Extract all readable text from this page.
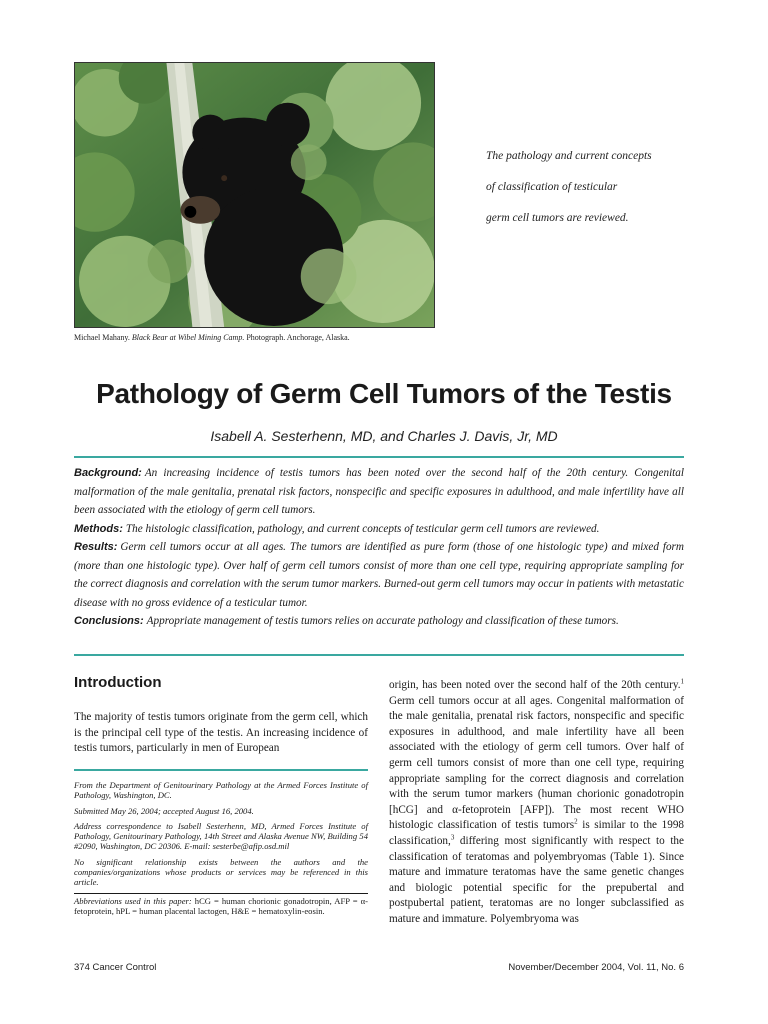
Michael Mahany. Black Bear at Wibel Mining Camp. Photograph. Anchorage, Alaska.
The pathology and current concepts
of classification of testicular
germ cell tumors are reviewed.
Pathology of Germ Cell Tumors of the Testis
Isabell A. Sesterhenn, MD, and Charles J. Davis, Jr, MD

Background: An increasing incidence of testis tumors has been noted over the second half of the 20th century. Congenital malformation of the male genitalia, prenatal risk factors, nonspecific and specific exposures in adulthood, and male infertility have all been associated with the etiology of germ cell tumors.

Methods: The histologic classification, pathology, and current concepts of testicular germ cell tumors are reviewed.

Results: Germ cell tumors occur at all ages. The tumors are identified as pure form (those of one histologic type) and mixed form (more than one histologic type). Over half of germ cell tumors consist of more than one cell type, requiring appropriate sampling for the correct diagnosis and correlation with the serum tumor markers. Burned-out germ cell tumors may occur in patients with metastatic disease with no gross evidence of a testicular tumor.

Conclusions: Appropriate management of testis tumors relies on accurate pathology and classification of these tumors.

Introduction

The majority of testis tumors originate from the germ cell, which is the principal cell type of the testis. An increasing incidence of testis tumors, particularly in men of European

From the Department of Genitourinary Pathology at the Armed Forces Institute of Pathology, Washington, DC.

Submitted May 26, 2004; accepted August 16, 2004.

Address correspondence to Isabell Sesterhenn, MD, Armed Forces Institute of Pathology, Genitourinary Pathology, 14th Street and Alaska Avenue NW, Building 54 #2090, Washington, DC 20306. E-mail: sesterbe@afip.osd.mil

No significant relationship exists between the authors and the companies/organizations whose products or services may be referenced in this article.

Abbreviations used in this paper: hCG = human chorionic gonadotropin, AFP = α-fetoprotein, hPL = human placental lactogen, H&E = hematoxylin-eosin.

origin, has been noted over the second half of the 20th century.$^1$ Germ cell tumors occur at all ages. Congenital malformation of the male genitalia, prenatal risk factors, nonspecific and specific exposures in adulthood, and male infertility have all been associated with the etiology of germ cell tumors. Over half of germ cell tumors consist of more than one cell type, requiring appropriate sampling for the correct diagnosis and correlation with the serum tumor markers (human chorionic gonadotropin [hCG] and α-fetoprotein [AFP]). The most recent WHO histologic classification of testis tumors$^2$ is similar to the 1998 classification,$^3$ differing most significantly with respect to the classification of teratomas and polyembryomas (Table 1). Since mature and immature teratomas have the same genetic changes and biologic potential specific for the prepubertal and postpubertal patient, teratomas are no longer subclassified as mature and immature. Polyembryoma was

374 Cancer Control	November/December 2004, Vol. 11, No. 6
